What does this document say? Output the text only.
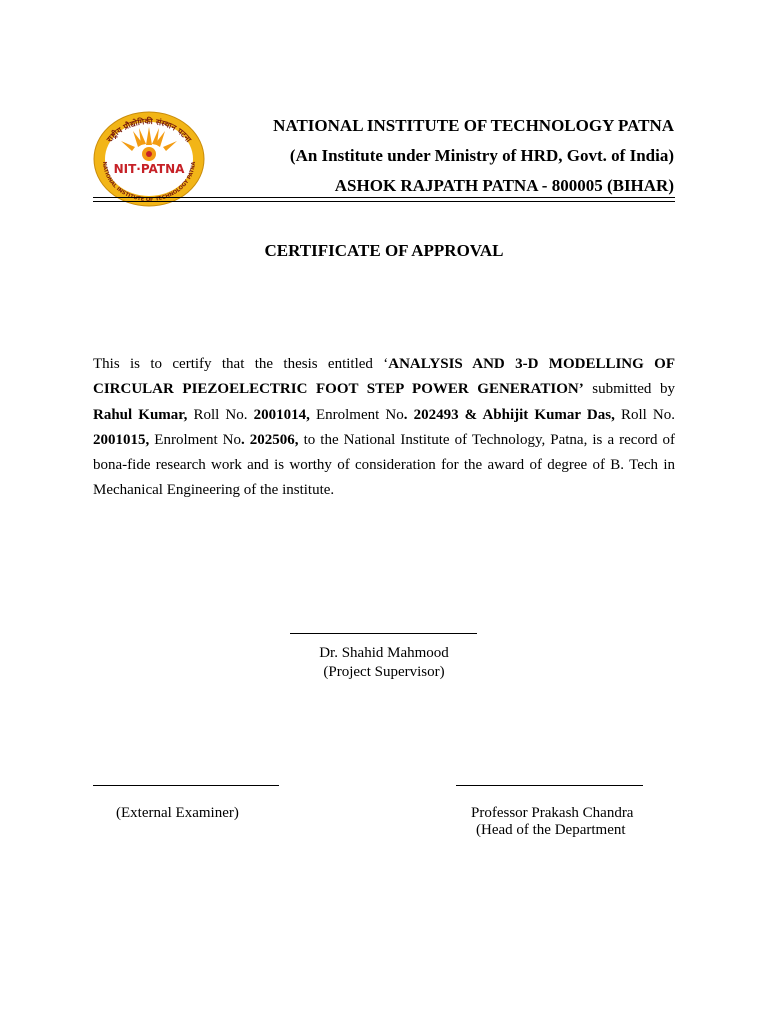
राष्ट्रीय प्रौद्योगिकी संस्थान पटना
NATIONAL INSTITUTE OF TECHNOLOGY PATNA
NIT·PATNA
NATIONAL INSTITUTE OF TECHNOLOGY PATNA
(An Institute under Ministry of HRD, Govt. of India)
ASHOK RAJPATH PATNA - 800005 (BIHAR)
CERTIFICATE OF APPROVAL
This is to certify that the thesis entitled ‘ANALYSIS AND 3-D MODELLING OF CIRCULAR PIEZOELECTRIC FOOT STEP POWER GENERATION’ submitted by Rahul Kumar, Roll No. 2001014, Enrolment No. 202493 & Abhijit Kumar Das, Roll No. 2001015, Enrolment No. 202506, to the National Institute of Technology, Patna, is a record of bona-fide research work and is worthy of consideration for the award of degree of B. Tech in Mechanical Engineering of the institute.
Dr. Shahid Mahmood
(Project Supervisor)
(External Examiner)	Professor Prakash Chandra
(Head of the Department
